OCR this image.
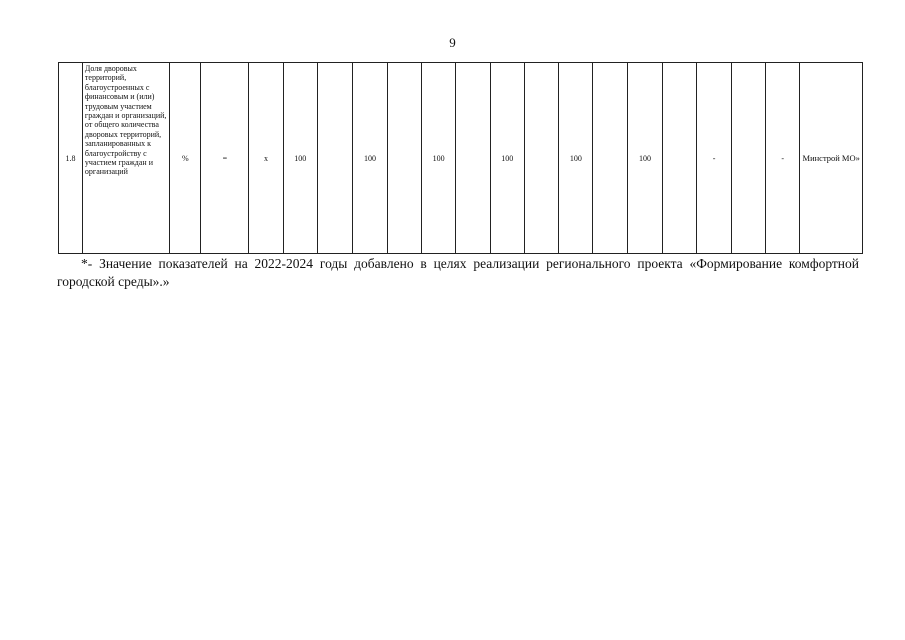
9
1.8	Доля дворовых территорий, благоустроенных с финансовым и (или) трудовым участием граждан и организаций, от общего количества дворовых территорий, запланированных к благоустройству с участием граждан и организаций	%	=	x	100		100		100		100		100		100		-		-	Минстрой МО»
*- Значение показателей на 2022-2024 годы добавлено в целях реализации регионального проекта «Формирование комфортной городской среды».»
